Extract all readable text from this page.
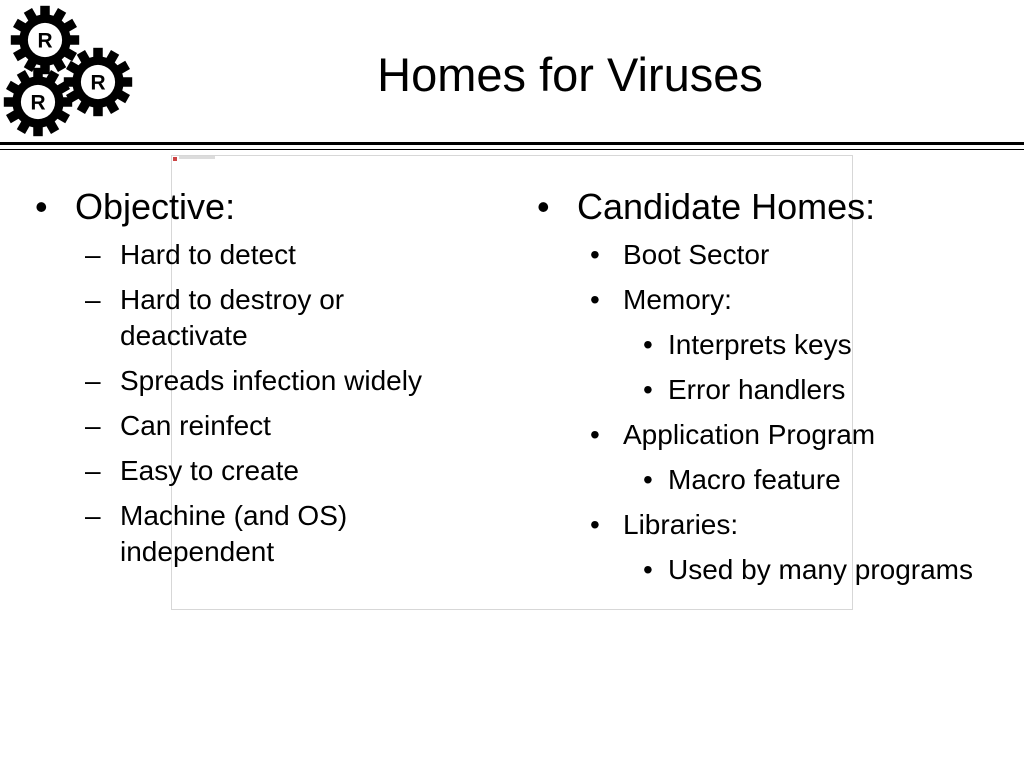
R
R
R
Homes for Viruses
• Objective:
– Hard to detect
– Hard to destroy or deactivate
– Spreads infection widely
– Can reinfect
– Easy to create
– Machine (and OS) independent
• Candidate Homes:
• Boot Sector
• Memory:
• Interprets keys
• Error handlers
• Application Program
• Macro feature
• Libraries:
• Used by many programs
